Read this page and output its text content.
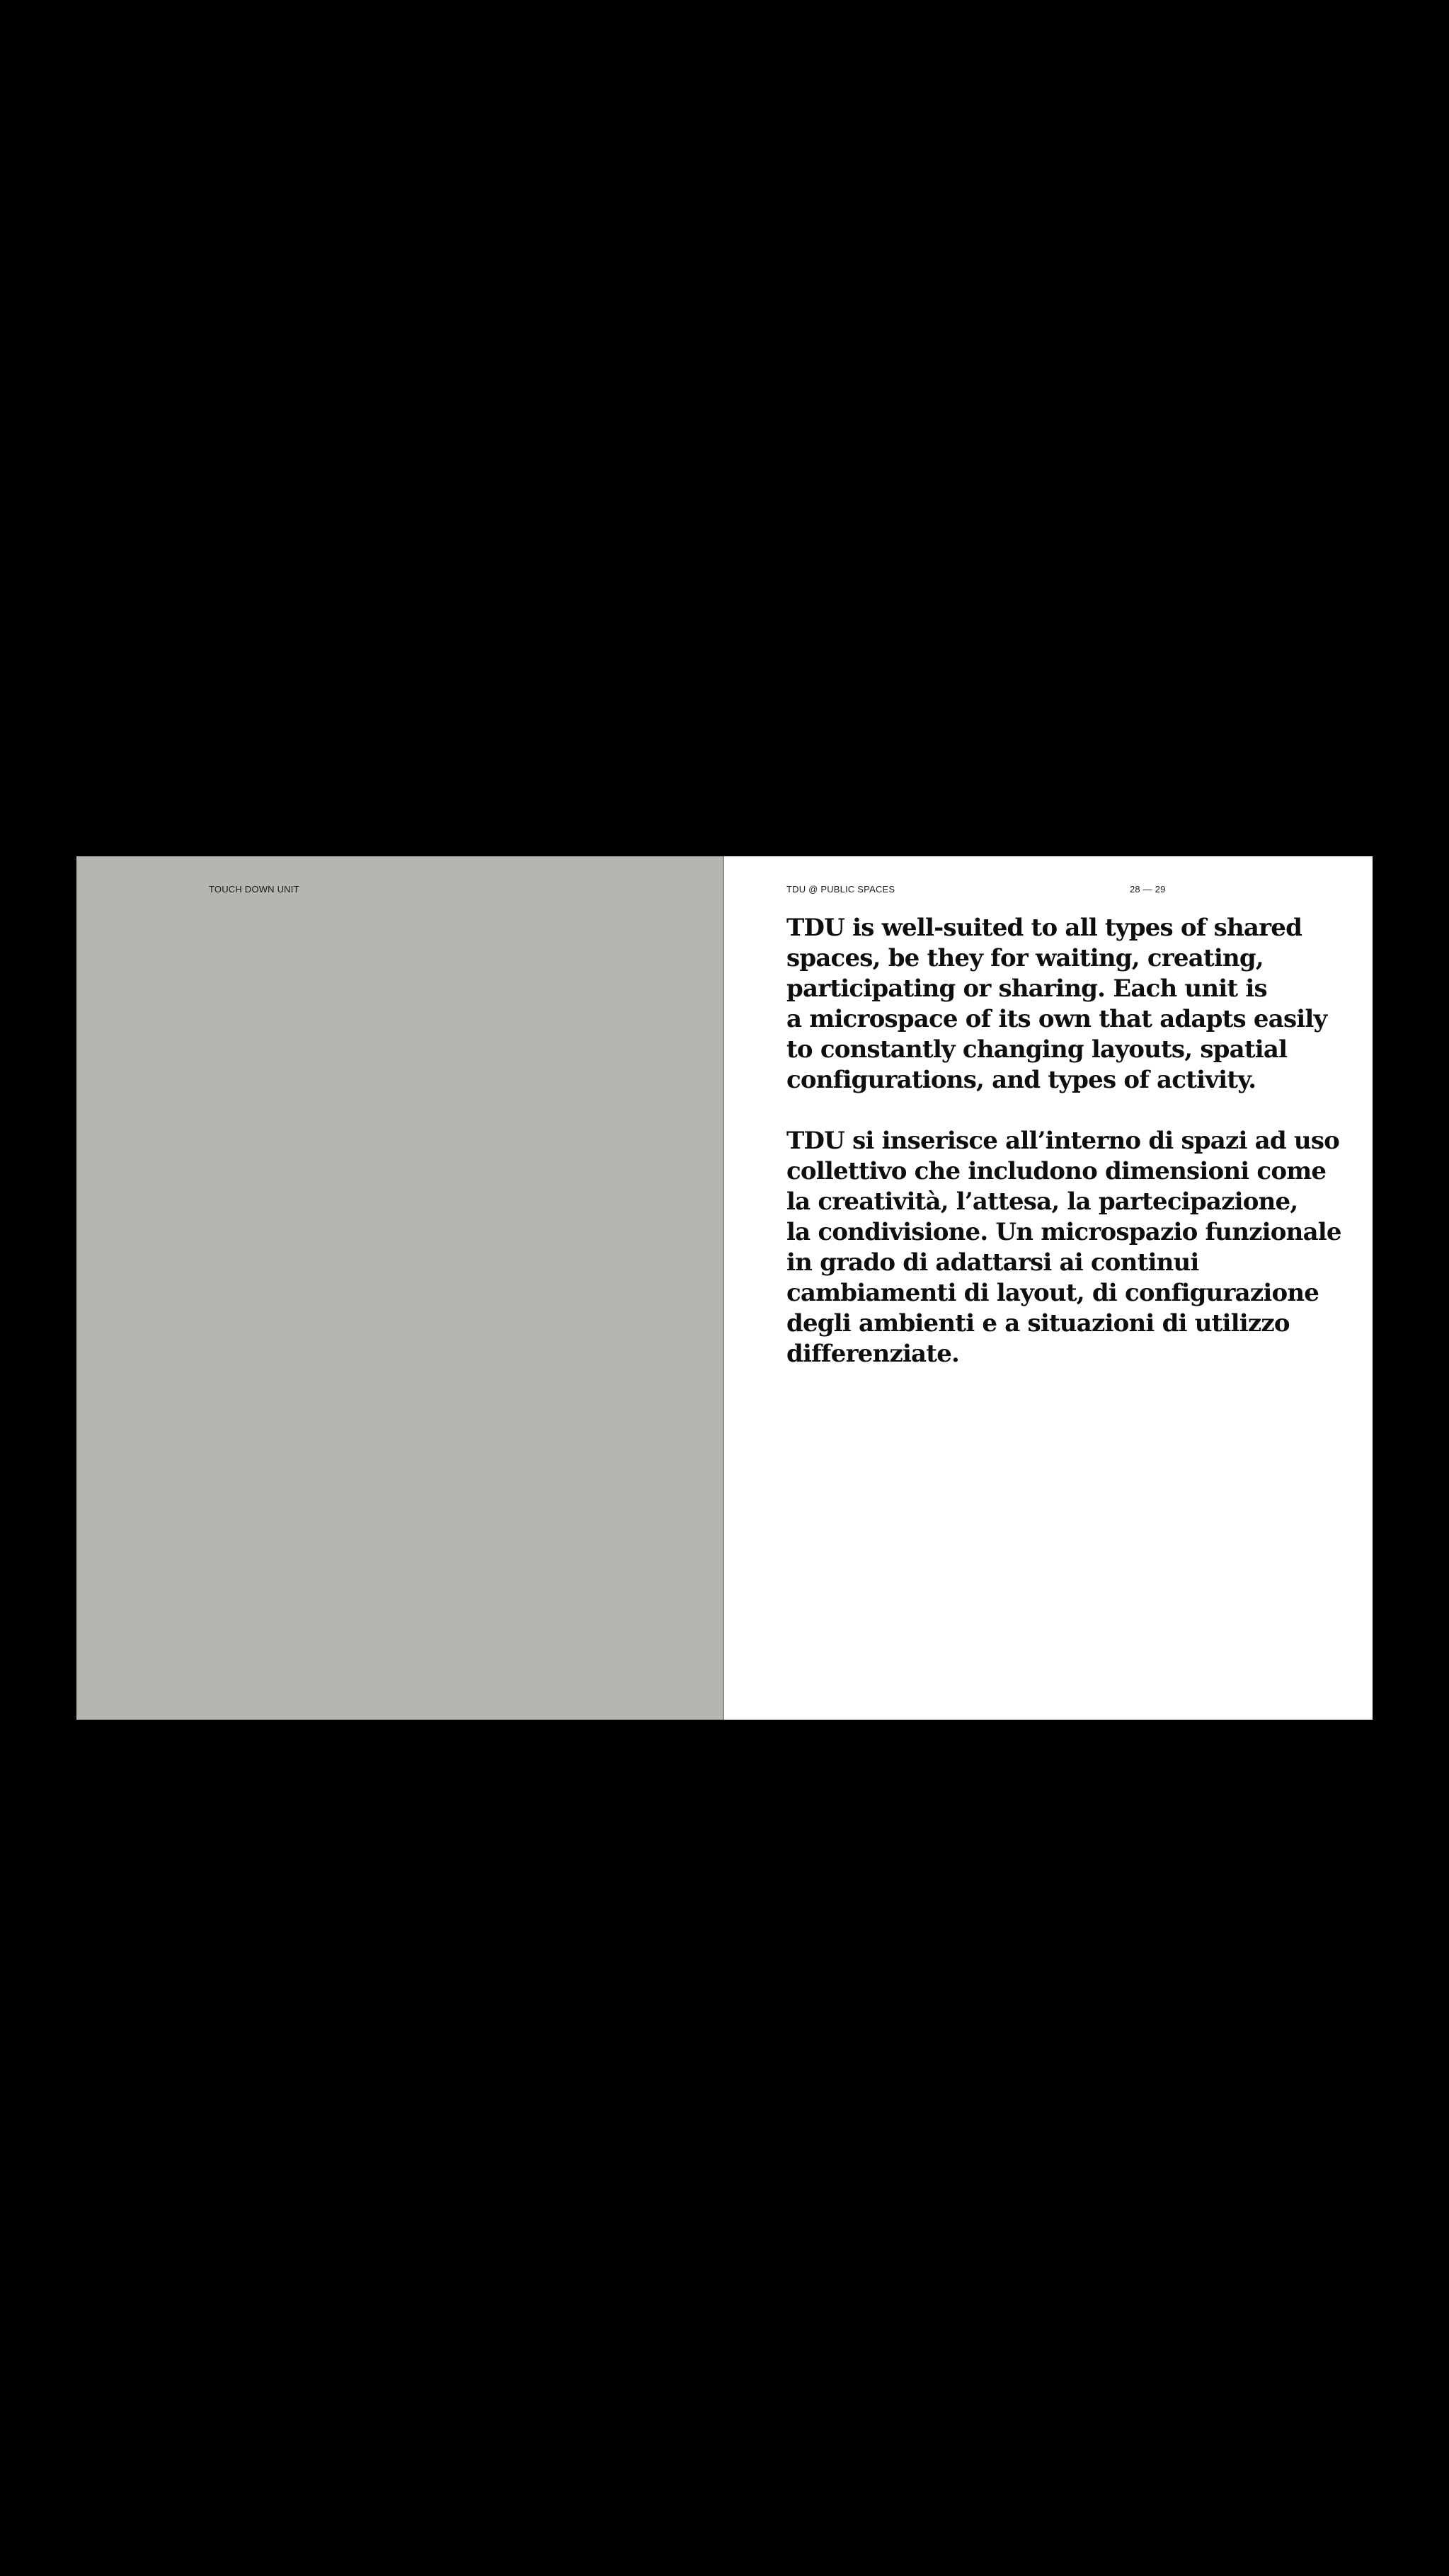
TOUCH DOWN UNIT	TDU @ PUBLIC SPACES	28 — 29

TDU is well-suited to all types of shared
spaces, be they for waiting, creating,
participating or sharing. Each unit is
a microspace of its own that adapts easily
to constantly changing layouts, spatial
configurations, and types of activity.

TDU si inserisce all’interno di spazi ad uso
collettivo che includono dimensioni come
la creatività, l’attesa, la partecipazione,
la condivisione. Un microspazio funzionale
in grado di adattarsi ai continui
cambiamenti di layout, di configurazione
degli ambienti e a situazioni di utilizzo
differenziate.
